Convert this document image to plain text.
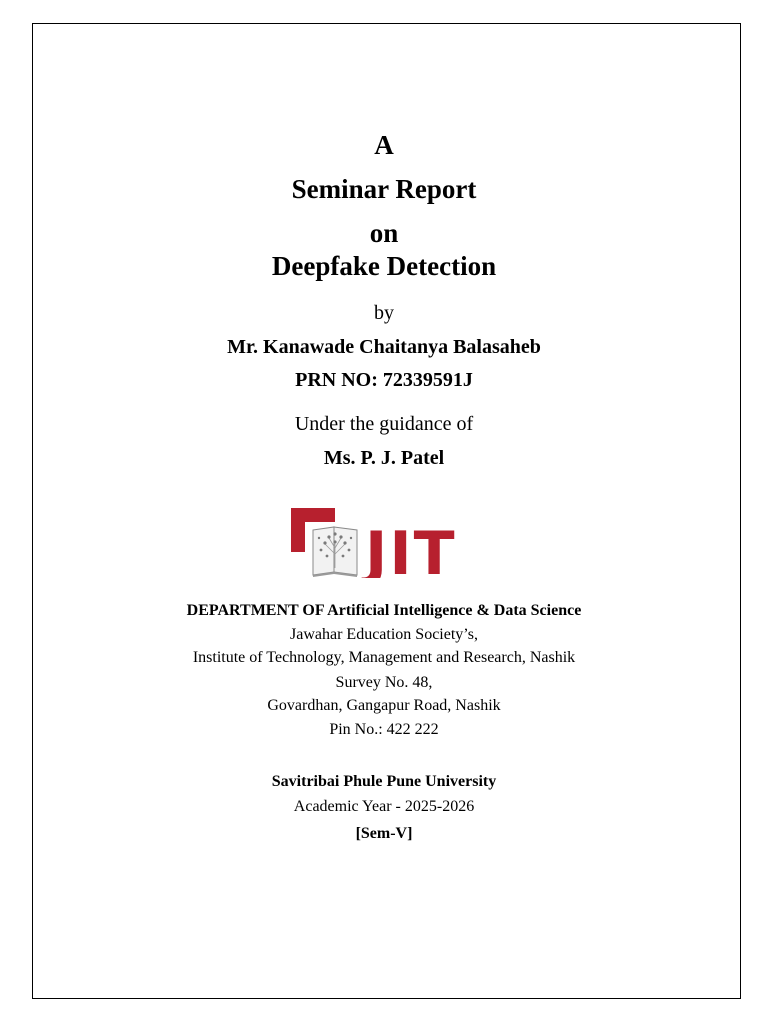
A
Seminar Report
on
Deepfake Detection
by
Mr. Kanawade Chaitanya Balasaheb
PRN NO: 72339591J
Under the guidance of
Ms. P. J. Patel
JIT
DEPARTMENT OF Artificial Intelligence & Data Science
Jawahar Education Society’s,
Institute of Technology, Management and Research, Nashik
Survey No. 48,
Govardhan, Gangapur Road, Nashik
Pin No.: 422 222
Savitribai Phule Pune University
Academic Year - 2025-2026
[Sem-V]
